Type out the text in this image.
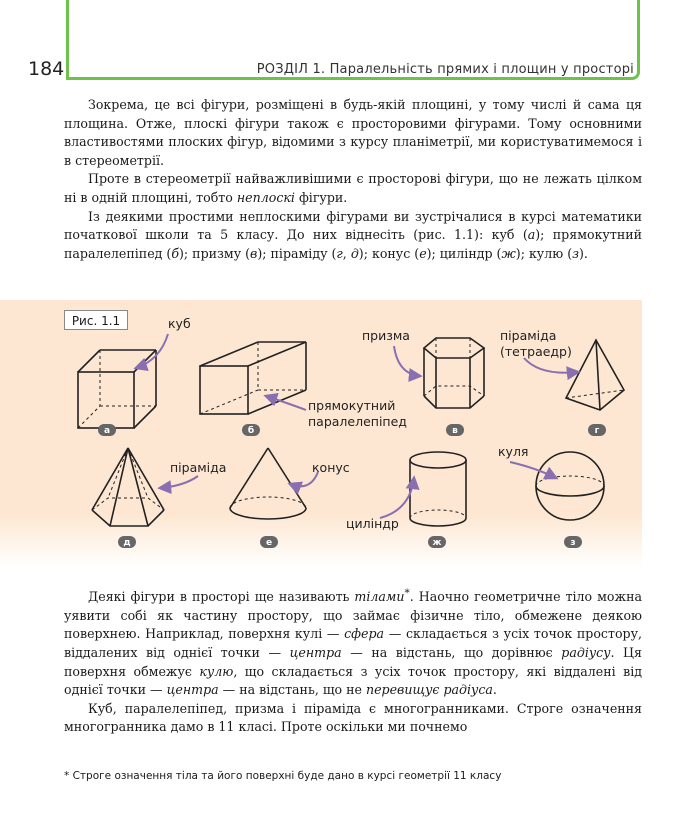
184	РОЗДІЛ 1. Паралельність прямих і площин у просторі

Зокрема, це всі фігури, розміщені в будь-якій площині, у тому числі й сама ця площина. Отже, плоскі фігури також є просторовими фігурами. Тому основними властивостями плоских фігур, відомими з курсу планіметрії, ми користуватимемося і в стереометрії.

Проте в стереометрії найважливішими є просторові фігури, що не лежать цілком ні в одній площині, тобто неплоскі фігури.

Із деякими простими неплоскими фігурами ви зустрічалися в курсі математики початкової школи та 5 класу. До них віднесіть (рис. 1.1): куб (а); прямокутний паралелепіпед (б); призму (в); піраміду (г, д); конус (е); циліндр (ж); кулю (з).

Рис. 1.1	куб
прямокутний
паралелепіпед
призма	піраміда
(тетраедр)
піраміда	конус
циліндр
куля
а	б	в	г
д	е	ж	з

Деякі фігури в просторі ще називають тілами*. Наочно геометричне тіло можна уявити собі як частину простору, що займає фізичне тіло, обмежене деякою поверхнею. Наприклад, поверхня кулі — сфера — складається з усіх точок простору, віддалених від однієї точки — центра — на відстань, що дорівнює радіусу. Ця поверхня обмежує кулю, що складається з усіх точок простору, які віддалені від однієї точки — центра — на відстань, що не перевищує радіуса.

Куб, паралелепіпед, призма і піраміда є многогранниками. Строге означення многогранника дамо в 11 класі. Проте оскільки ми почнемо

* Строге означення тіла та його поверхні буде дано в курсі геометрії 11 класу
